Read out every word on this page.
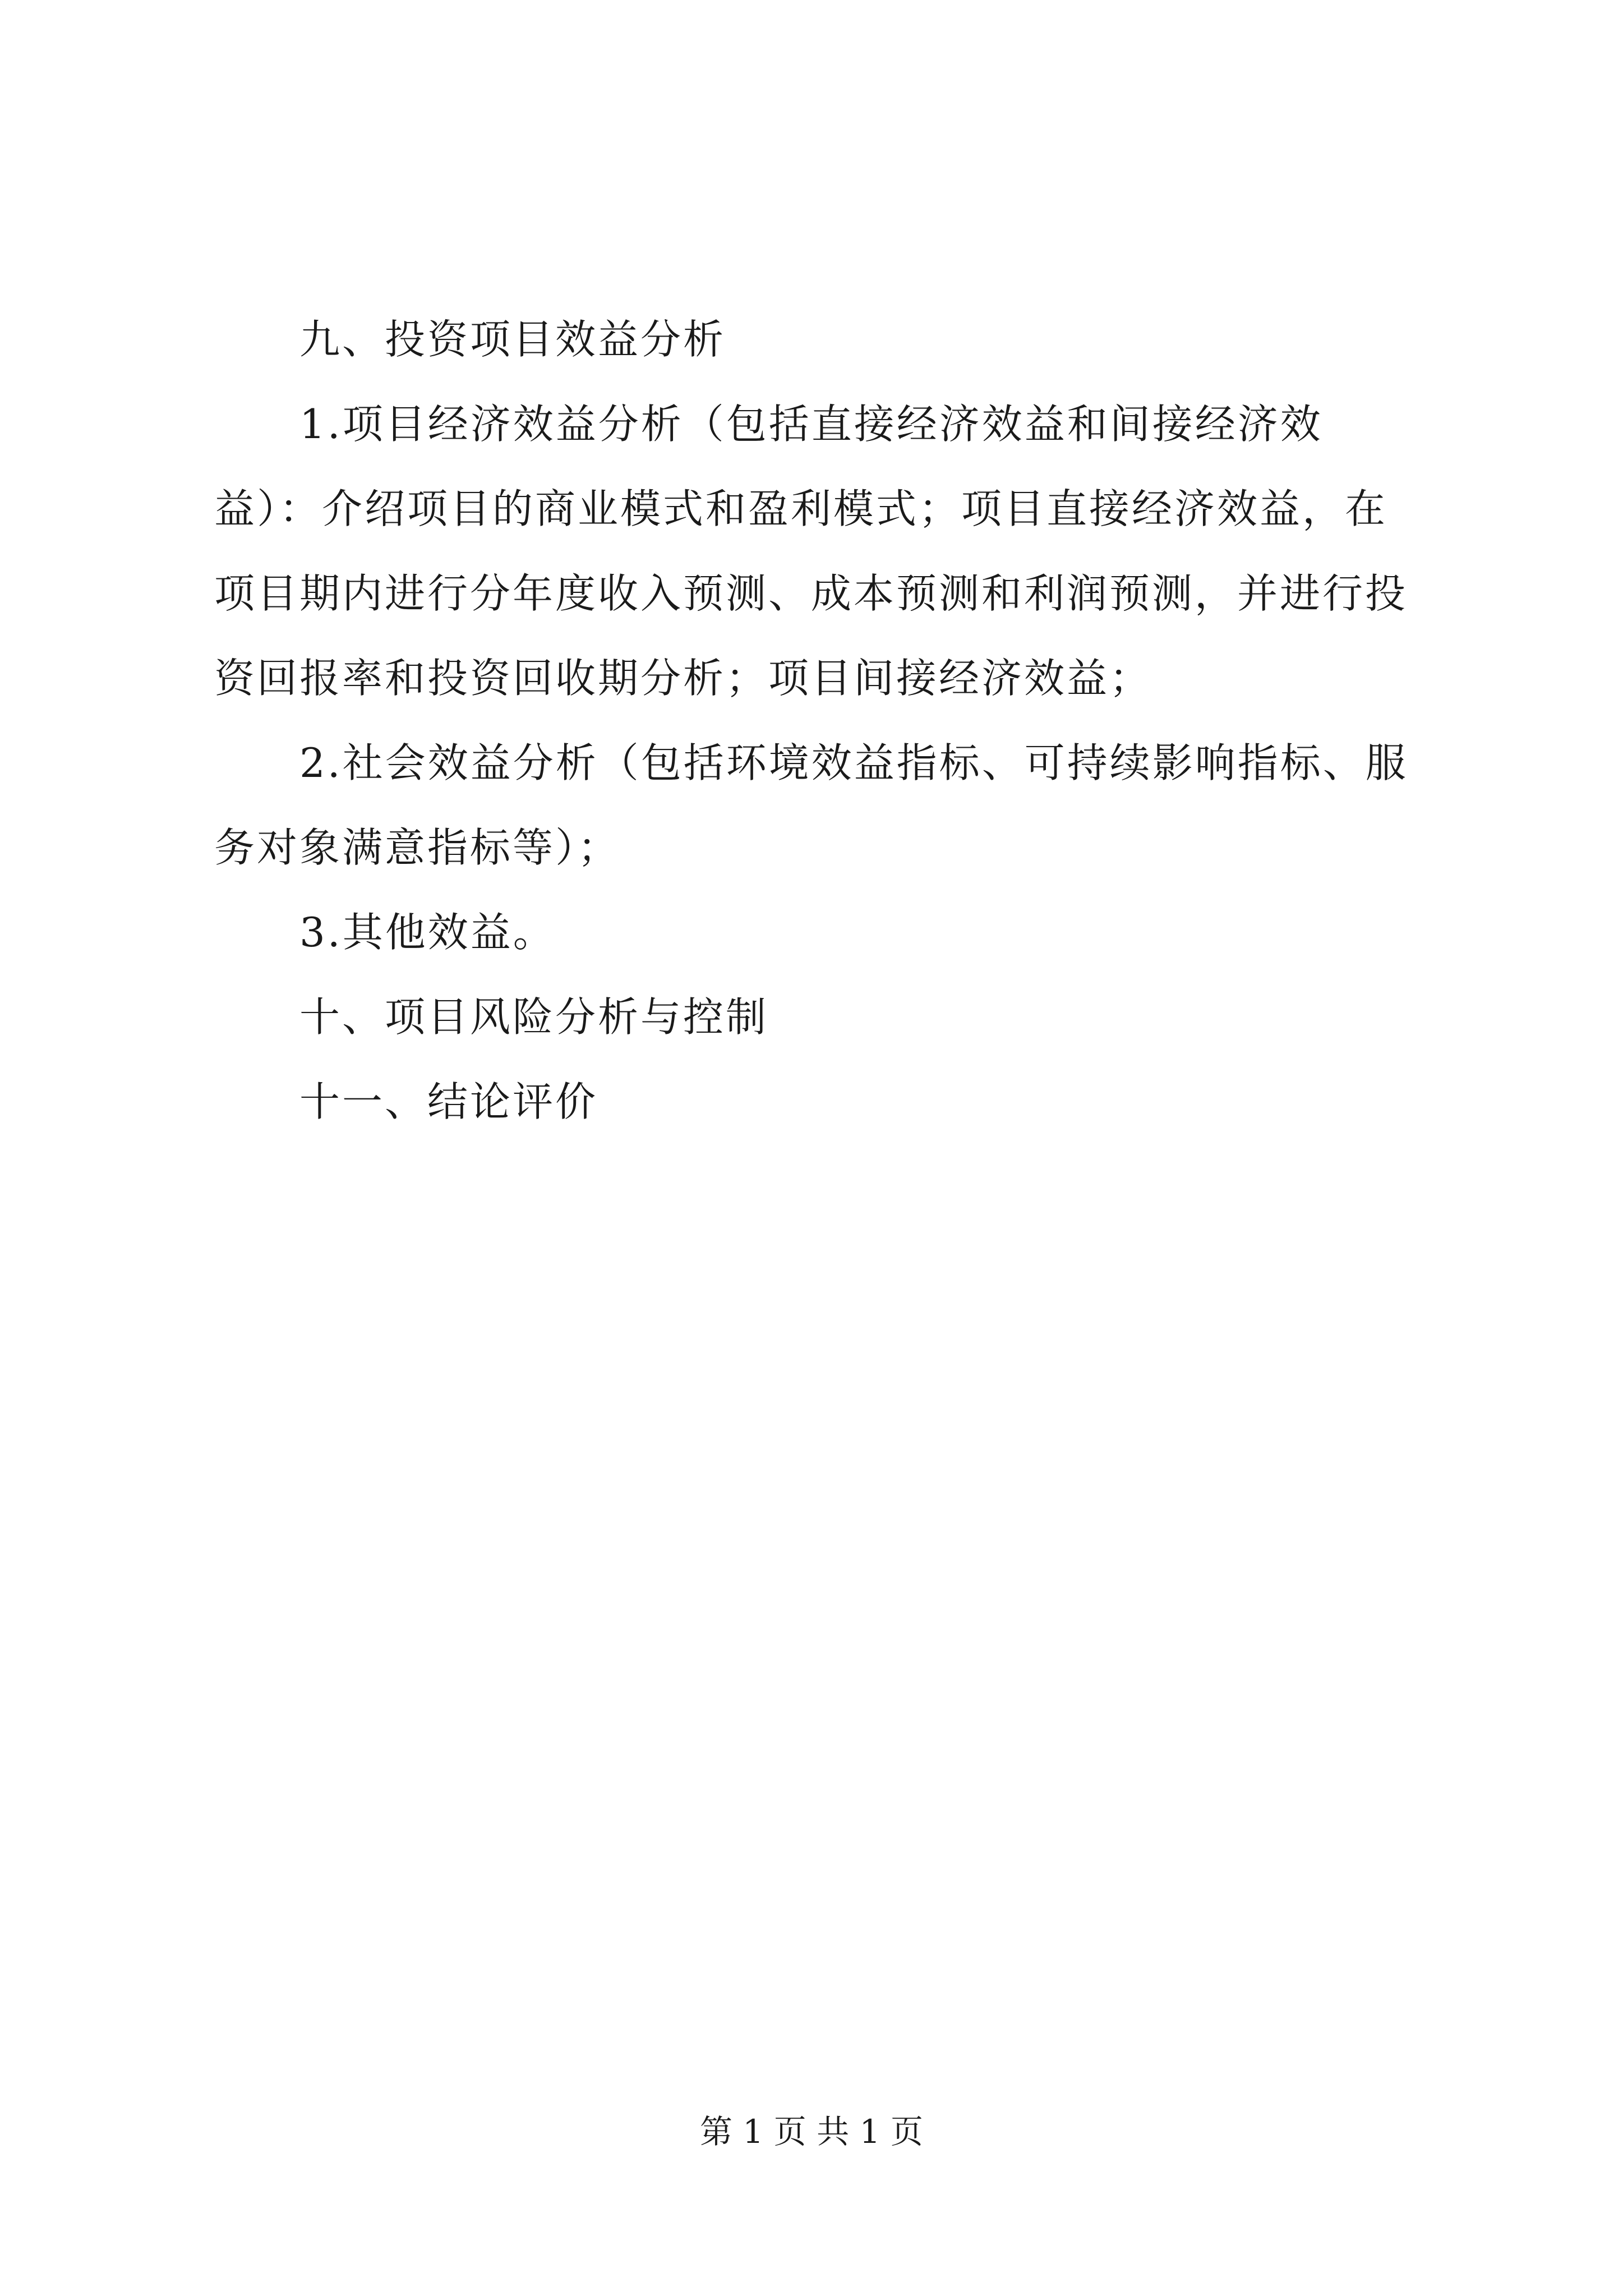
九、投资项目效益分析

1.项目经济效益分析（包括直接经济效益和间接经济效益）：介绍项目的商业模式和盈利模式；项目直接经济效益，在项目期内进行分年度收入预测、成本预测和利润预测，并进行投资回报率和投资回收期分析；项目间接经济效益；

2.社会效益分析（包括环境效益指标、可持续影响指标、服务对象满意指标等）；

3.其他效益。

十、项目风险分析与控制

十一、结论评价

第 1 页 共 1 页
